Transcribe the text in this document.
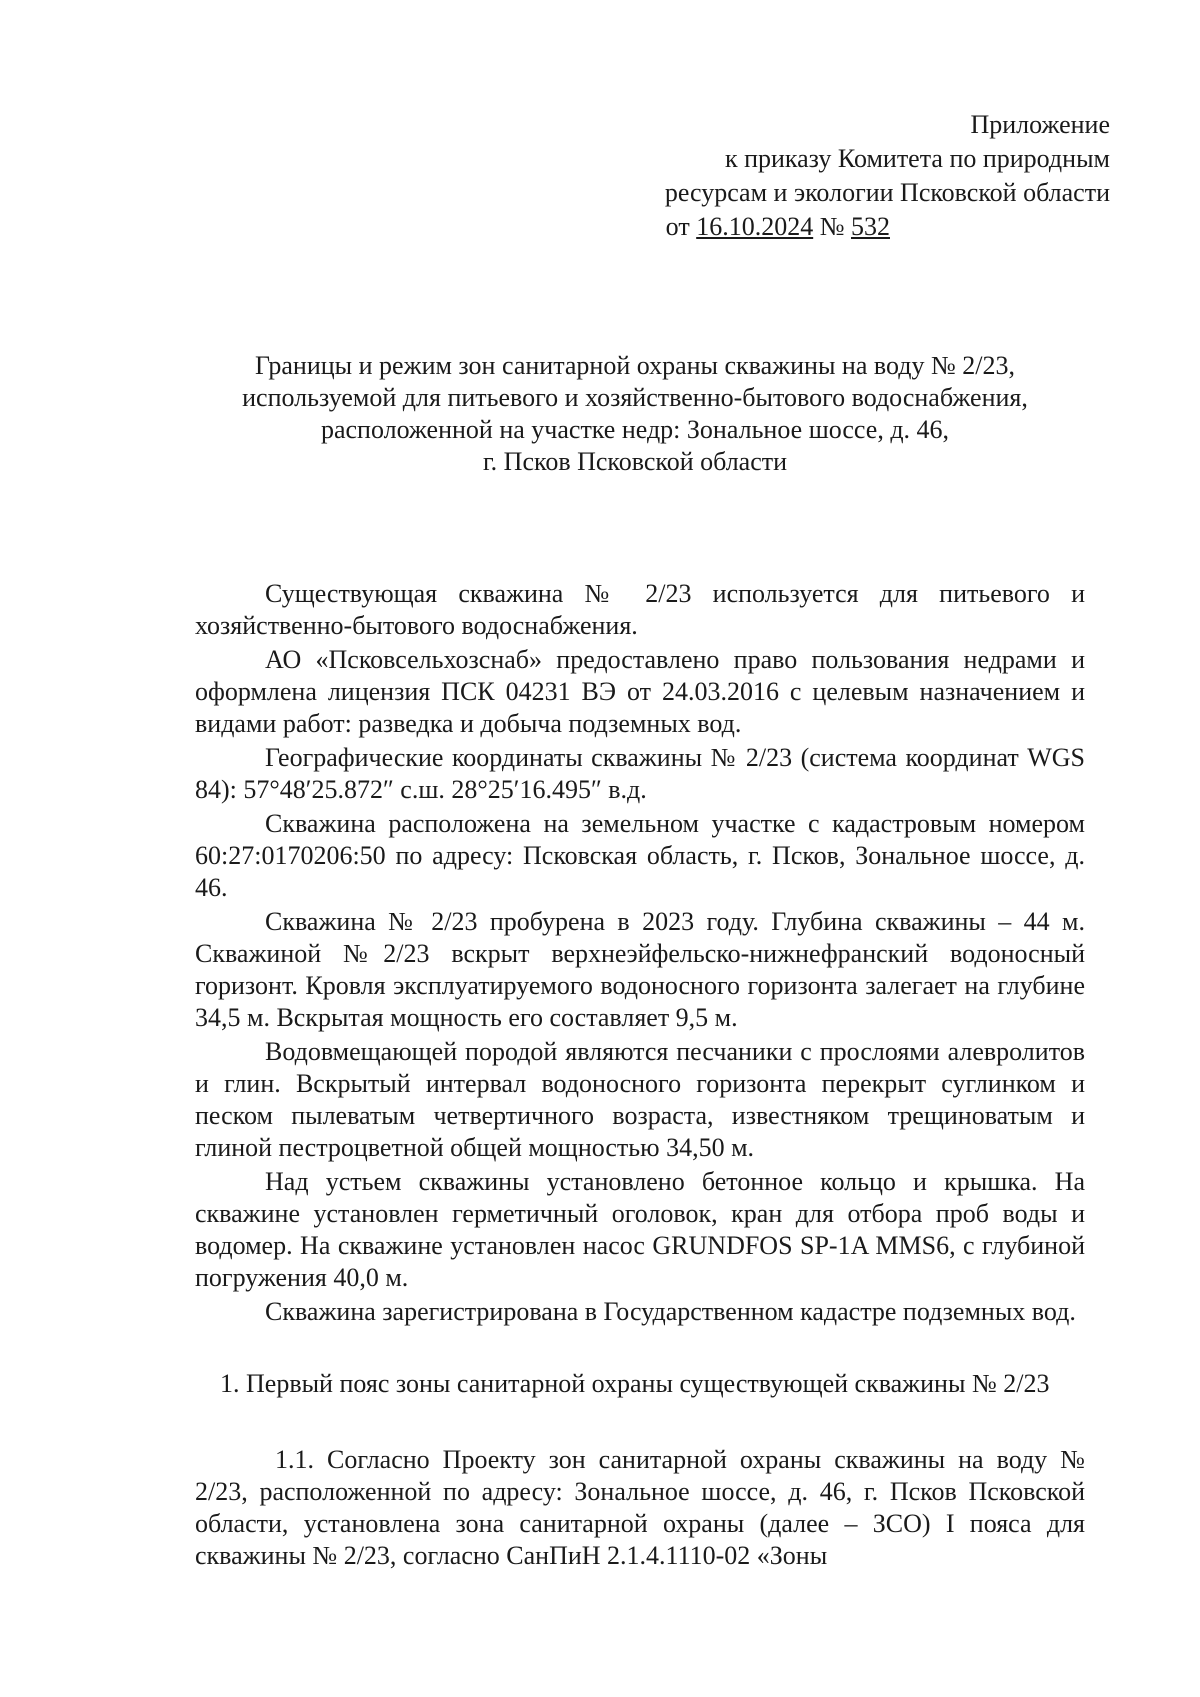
Приложение
к приказу Комитета по природным
ресурсам и экологии Псковской области
от 16.10.2024 № 532
Границы и режим зон санитарной охраны скважины на воду № 2/23,
используемой для питьевого и хозяйственно-бытового водоснабжения,
расположенной на участке недр: Зональное шоссе, д. 46,
г. Псков Псковской области

Существующая скважина № 2/23 используется для питьевого и хозяйственно-бытового водоснабжения.

АО «Псковсельхозснаб» предоставлено право пользования недрами и оформлена лицензия ПСК 04231 ВЭ от 24.03.2016 с целевым назначением и видами работ: разведка и добыча подземных вод.

Географические координаты скважины № 2/23 (система координат WGS 84): 57°48′25.872″ с.ш. 28°25′16.495″ в.д.

Скважина расположена на земельном участке с кадастровым номером 60:27:0170206:50 по адресу: Псковская область, г. Псков, Зональное шоссе, д. 46.

Скважина № 2/23 пробурена в 2023 году. Глубина скважины – 44 м. Скважиной №2/23 вскрыт верхнеэйфельско-нижнефранский водоносный горизонт. Кровля эксплуатируемого водоносного горизонта залегает на глубине 34,5 м. Вскрытая мощность его составляет 9,5 м.

Водовмещающей породой являются песчаники с прослоями алевролитов и глин. Вскрытый интервал водоносного горизонта перекрыт суглинком и песком пылеватым четвертичного возраста, известняком трещиноватым и глиной пестроцветной общей мощностью 34,50 м.

Над устьем скважины установлено бетонное кольцо и крышка. На скважине установлен герметичный оголовок, кран для отбора проб воды и водомер. На скважине установлен насос GRUNDFOS SP-1A MMS6, с глубиной погружения 40,0 м.

Скважина зарегистрирована в Государственном кадастре подземных вод.

1. Первый пояс зоны санитарной охраны существующей скважины № 2/23

1.1. Согласно Проекту зон санитарной охраны скважины на воду № 2/23, расположенной по адресу: Зональное шоссе, д. 46, г. Псков Псковской области, установлена зона санитарной охраны (далее – ЗСО) I пояса для скважины № 2/23, согласно СанПиН 2.1.4.1110-02 «Зоны
